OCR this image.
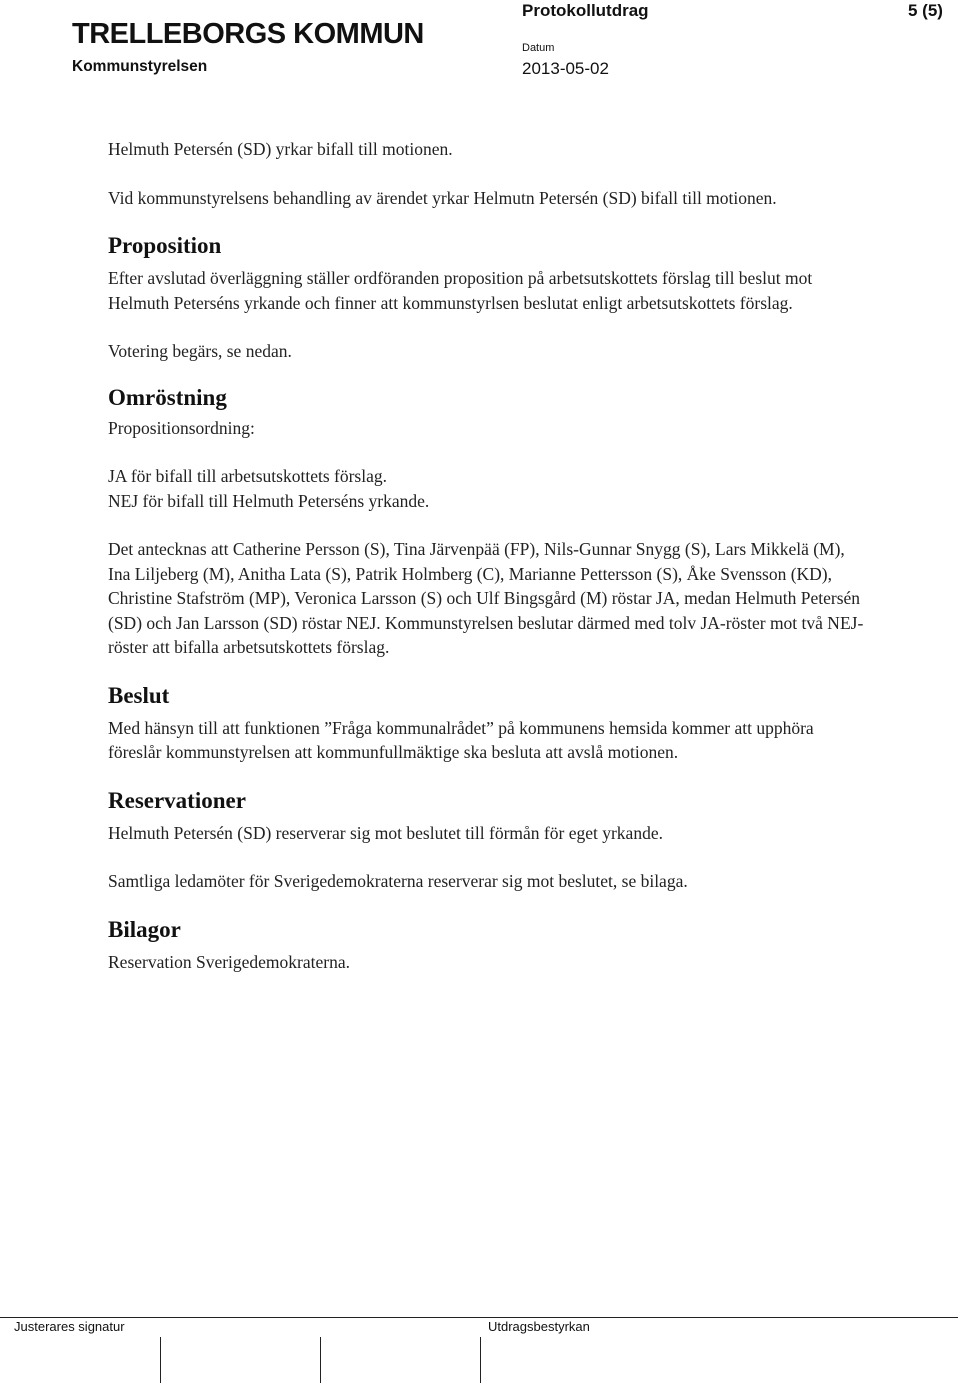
TRELLEBORGS KOMMUN
Kommunstyrelsen
Protokollutdrag	5 (5)
Datum
2013-05-02

Helmuth Petersén (SD) yrkar bifall till motionen.

Vid kommunstyrelsens behandling av ärendet yrkar Helmutn Petersén (SD) bifall till motionen.

Proposition

Efter avslutad överläggning ställer ordföranden proposition på arbetsutskottets förslag till beslut mot Helmuth Peterséns yrkande och finner att kommunstyrlsen beslutat enligt arbetsutskottets förslag.

Votering begärs, se nedan.

Omröstning

Propositionsordning:

JA för bifall till arbetsutskottets förslag.

NEJ för bifall till Helmuth Peterséns yrkande.

Det antecknas att Catherine Persson (S), Tina Järvenpää (FP), Nils-Gunnar Snygg (S), Lars Mikkelä (M), Ina Liljeberg (M), Anitha Lata (S), Patrik Holmberg (C), Marianne Pettersson (S), Åke Svensson (KD), Christine Stafström (MP), Veronica Larsson (S) och Ulf Bingsgård (M) röstar JA, medan Helmuth Petersén (SD) och Jan Larsson (SD) röstar NEJ. Kommunstyrelsen beslutar därmed med tolv JA-röster mot två NEJ-röster att bifalla arbetsutskottets förslag.

Beslut

Med hänsyn till att funktionen ”Fråga kommunalrådet” på kommunens hemsida kommer att upphöra föreslår kommunstyrelsen att kommunfullmäktige ska besluta att avslå motionen.

Reservationer

Helmuth Petersén (SD) reserverar sig mot beslutet till förmån för eget yrkande.

Samtliga ledamöter för Sverigedemokraterna reserverar sig mot beslutet, se bilaga.

Bilagor

Reservation Sverigedemokraterna.

Justerares signatur	Utdragsbestyrkan
